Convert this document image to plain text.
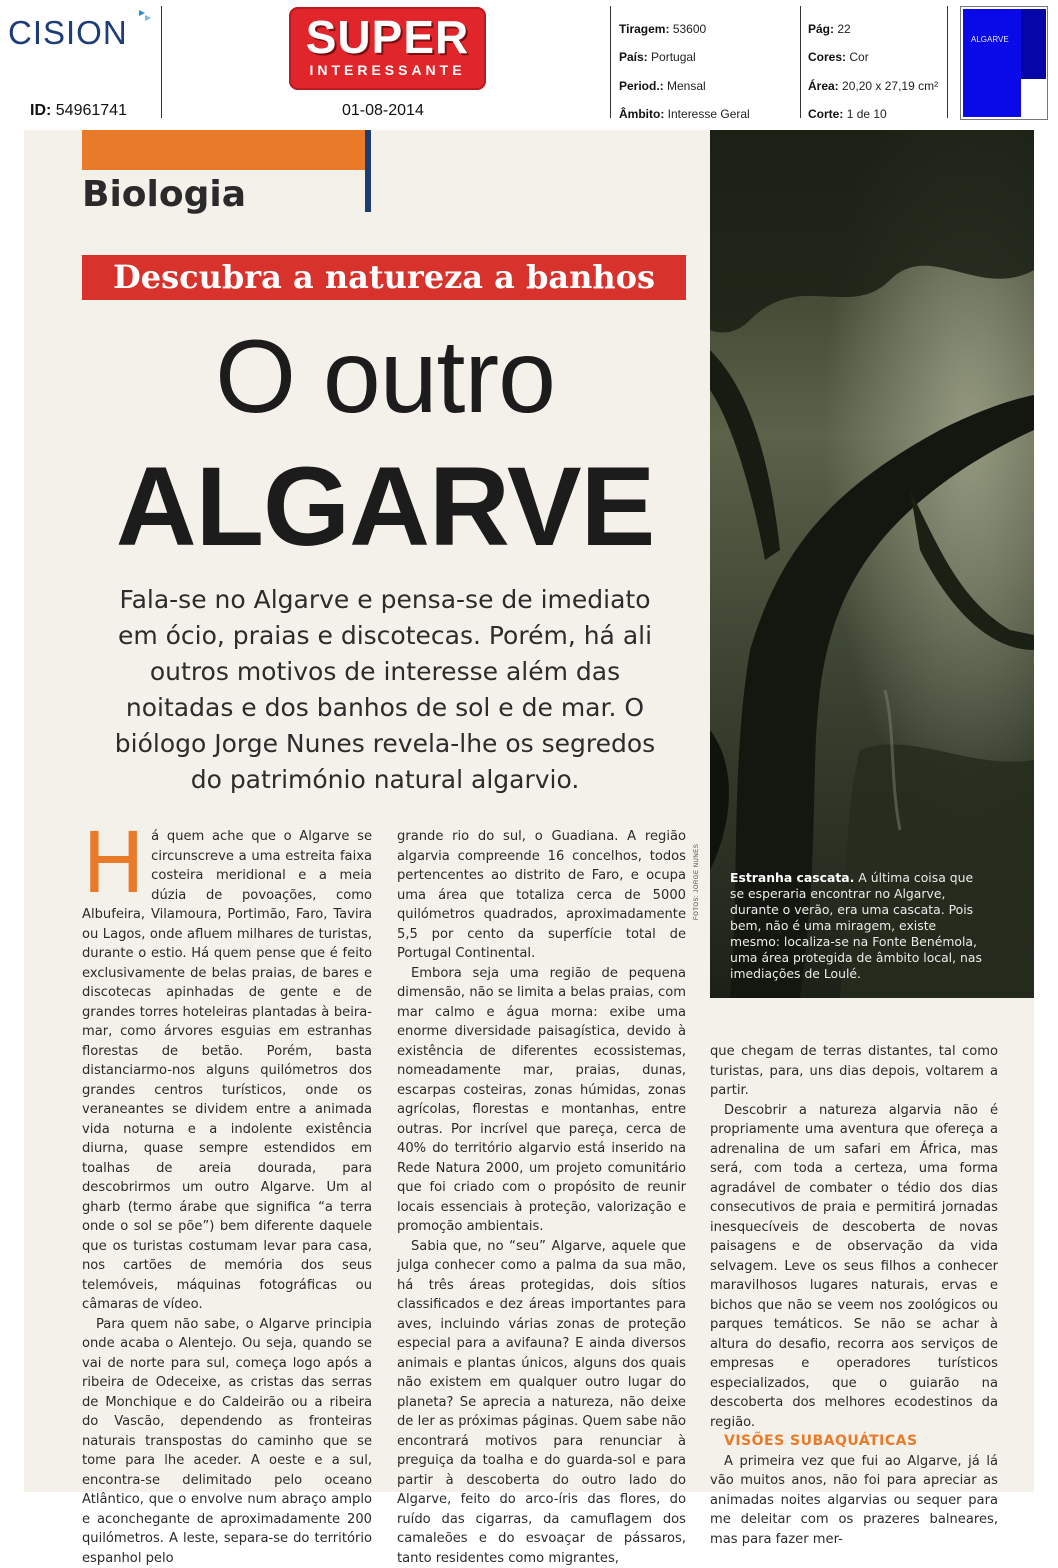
CISION
ID: 54961741
SUPER
INTERESSANTE
01-08-2014
Tiragem: 53600
País: Portugal
Period.: Mensal
Âmbito: Interesse Geral
Pág: 22
Cores: Cor
Área: 20,20 x 27,19 cm²
Corte: 1 de 10
ALGARVE
Biologia
Descubra a natureza a banhos
O outro
ALGARVE
Fala-se no Algarve e pensa-se de imediato em ócio, praias e discotecas. Porém, há ali outros motivos de interesse além das noitadas e dos banhos de sol e de mar. O biólogo Jorge Nunes revela-lhe os segredos do património natural algarvio.
Estranha cascata. A última coisa que se esperaria encontrar no Algarve, durante o verão, era uma cascata. Pois bem, não é uma miragem, existe mesmo: localiza-se na Fonte Benémola, uma área protegida de âmbito local, nas imediações de Loulé.
FOTOS: JORGE NUNES

Há quem ache que o Algarve se circunscreve a uma estreita faixa costeira meridional e a meia dúzia de povoações, como Albufeira, Vilamoura, Portimão, Faro, Tavira ou Lagos, onde afluem milhares de turistas, durante o estio. Há quem pense que é feito exclusivamente de belas praias, de bares e discotecas apinhadas de gente e de grandes torres hoteleiras plantadas à beira-mar, como árvores esguias em estranhas florestas de betão. Porém, basta distanciarmo-nos alguns quilómetros dos grandes centros turísticos, onde os veraneantes se dividem entre a animada vida noturna e a indolente existência diurna, quase sempre estendidos em toalhas de areia dourada, para descobrirmos um outro Algarve. Um al gharb (termo árabe que significa “a terra onde o sol se põe”) bem diferente daquele que os turistas costumam levar para casa, nos cartões de memória dos seus telemóveis, máquinas fotográficas ou câmaras de vídeo.

Para quem não sabe, o Algarve principia onde acaba o Alentejo. Ou seja, quando se vai de norte para sul, começa logo após a ribeira de Odeceixe, as cristas das serras de Monchique e do Caldeirão ou a ribeira do Vascão, dependendo as fronteiras naturais transpostas do caminho que se tome para lhe aceder. A oeste e a sul, encontra-se delimitado pelo oceano Atlântico, que o envolve num abraço amplo e aconchegante de aproximadamente 200 quilómetros. A leste, separa-se do território espanhol pelo

grande rio do sul, o Guadiana. A região algarvia compreende 16 concelhos, todos pertencentes ao distrito de Faro, e ocupa uma área que totaliza cerca de 5000 quilómetros quadrados, aproximadamente 5,5 por cento da superfície total de Portugal Continental.

Embora seja uma região de pequena dimensão, não se limita a belas praias, com mar calmo e água morna: exibe uma enorme diversidade paisagística, devido à existência de diferentes ecossistemas, nomeadamente mar, praias, dunas, escarpas costeiras, zonas húmidas, zonas agrícolas, florestas e montanhas, entre outras. Por incrível que pareça, cerca de 40% do território algarvio está inserido na Rede Natura 2000, um projeto comunitário que foi criado com o propósito de reunir locais essenciais à proteção, valorização e promoção ambientais.

Sabia que, no “seu” Algarve, aquele que julga conhecer como a palma da sua mão, há três áreas protegidas, dois sítios classificados e dez áreas importantes para aves, incluindo várias zonas de proteção especial para a avifauna? E ainda diversos animais e plantas únicos, alguns dos quais não existem em qualquer outro lugar do planeta? Se aprecia a natureza, não deixe de ler as próximas páginas. Quem sabe não encontrará motivos para renunciar à preguiça da toalha e do guarda-sol e para partir à descoberta do outro lado do Algarve, feito do arco-íris das flores, do ruído das cigarras, da camuflagem dos camaleões e do esvoaçar de pássaros, tanto residentes como migrantes,

que chegam de terras distantes, tal como turistas, para, uns dias depois, voltarem a partir.

Descobrir a natureza algarvia não é propriamente uma aventura que ofereça a adrenalina de um safari em África, mas será, com toda a certeza, uma forma agradável de combater o tédio dos dias consecutivos de praia e permitirá jornadas inesquecíveis de descoberta de novas paisagens e de observação da vida selvagem. Leve os seus filhos a conhecer maravilhosos lugares naturais, ervas e bichos que não se veem nos zoológicos ou parques temáticos. Se não se achar à altura do desafio, recorra aos serviços de empresas e operadores turísticos especializados, que o guiarão na descoberta dos melhores ecodestinos da região.

VISÕES SUBAQUÁTICAS

A primeira vez que fui ao Algarve, já lá vão muitos anos, não foi para apreciar as animadas noites algarvias ou sequer para me deleitar com os prazeres balneares, mas para fazer mer-
